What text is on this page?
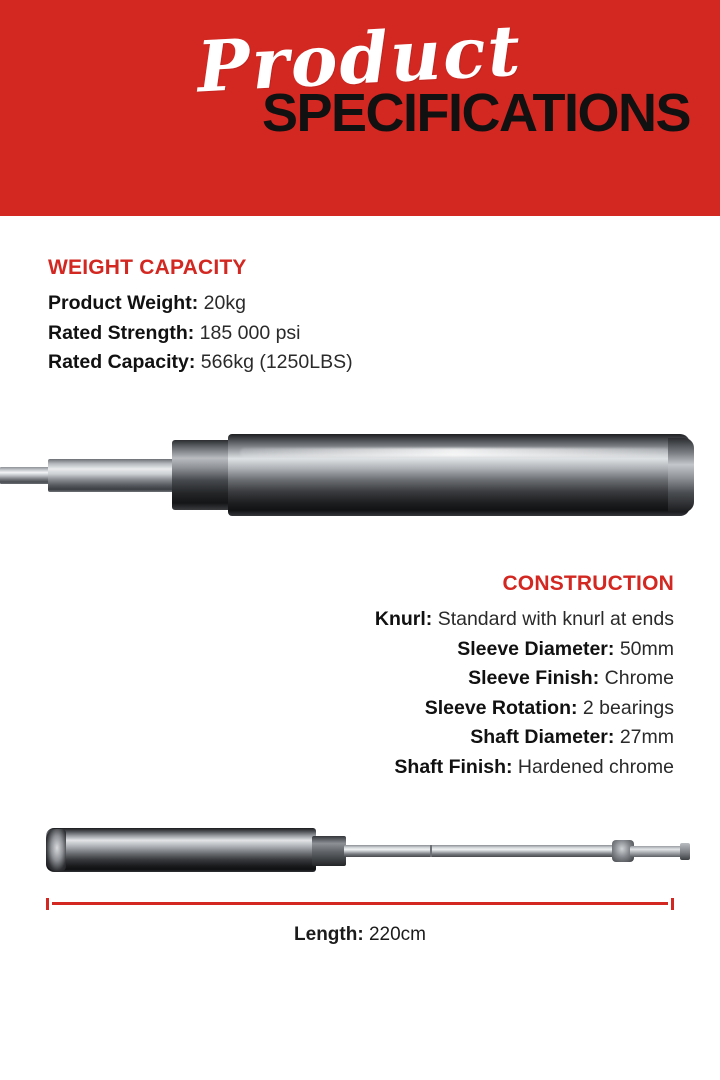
Product
SPECIFICATIONS
WEIGHT CAPACITY
Product Weight: 20kg
Rated Strength: 185 000 psi
Rated Capacity: 566kg (1250LBS)
CONSTRUCTION
Knurl: Standard with knurl at ends
Sleeve Diameter: 50mm
Sleeve Finish: Chrome
Sleeve Rotation: 2 bearings
Shaft Diameter: 27mm
Shaft Finish: Hardened chrome
Length: 220cm
